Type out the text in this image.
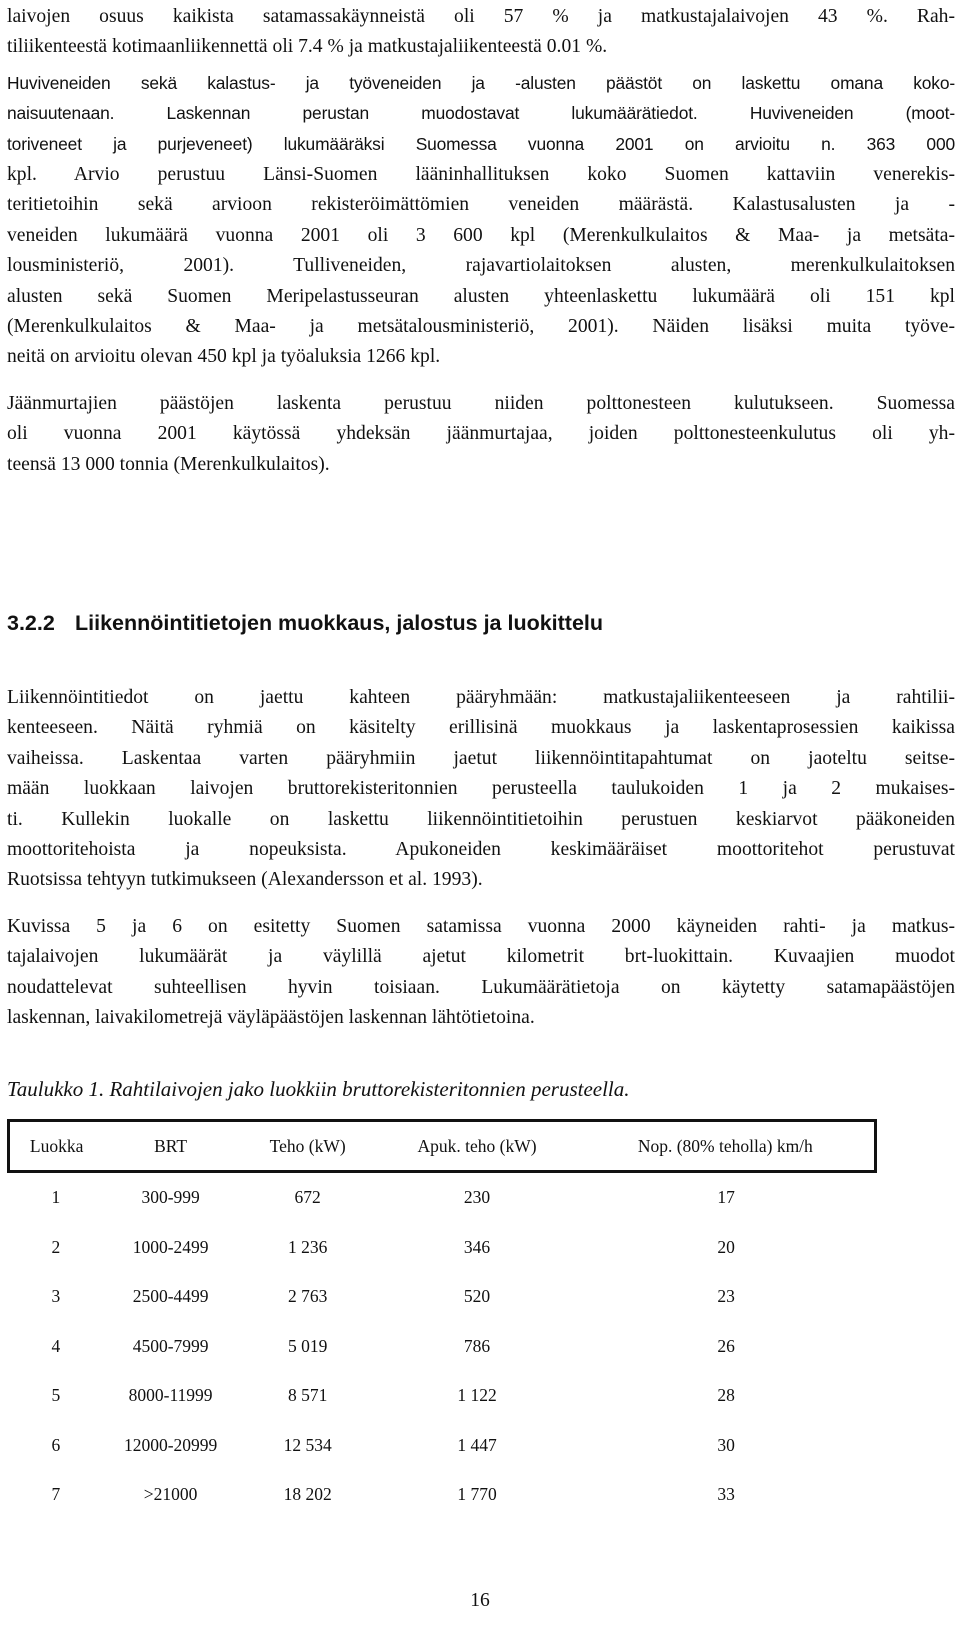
laivojen osuus kaikista satamassakäynneistä oli 57 % ja matkustajalaivojen 43 %. Rah-
tiliikenteestä kotimaanliikennettä oli 7.4 % ja matkustajaliikenteestä 0.01 %.
Huviveneiden sekä kalastus- ja työveneiden ja -alusten päästöt on laskettu omana koko-
naisuutenaan. Laskennan perustan muodostavat lukumäärätiedot. Huviveneiden (moot-
toriveneet ja purjeveneet) lukumääräksi Suomessa vuonna 2001 on arvioitu n. 363 000
kpl. Arvio perustuu Länsi-Suomen lääninhallituksen koko Suomen kattaviin venerekis-
teritietoihin sekä arvioon rekisteröimättömien veneiden määrästä. Kalastusalusten ja -
veneiden lukumäärä vuonna 2001 oli 3 600 kpl (Merenkulkulaitos & Maa- ja metsäta-
lousministeriö, 2001). Tulliveneiden, rajavartiolaitoksen alusten, merenkulkulaitoksen
alusten sekä Suomen Meripelastusseuran alusten yhteenlaskettu lukumäärä oli 151 kpl
(Merenkulkulaitos & Maa- ja metsätalousministeriö, 2001). Näiden lisäksi muita työve-
neitä on arvioitu olevan 450 kpl ja työaluksia 1266 kpl.
Jäänmurtajien päästöjen laskenta perustuu niiden polttonesteen kulutukseen. Suomessa
oli vuonna 2001 käytössä yhdeksän jäänmurtajaa, joiden polttonesteenkulutus oli yh-
teensä 13 000 tonnia (Merenkulkulaitos).
3.2.2 Liikennöintitietojen muokkaus, jalostus ja luokittelu
Liikennöintitiedot on jaettu kahteen pääryhmään: matkustajaliikenteeseen ja rahtilii-
kenteeseen. Näitä ryhmiä on käsitelty erillisinä muokkaus ja laskentaprosessien kaikissa
vaiheissa. Laskentaa varten pääryhmiin jaetut liikennöintitapahtumat on jaoteltu seitse-
mään luokkaan laivojen bruttorekisteritonnien perusteella taulukoiden 1 ja 2 mukaises-
ti. Kullekin luokalle on laskettu liikennöintitietoihin perustuen keskiarvot pääkoneiden
moottoritehoista ja nopeuksista. Apukoneiden keskimääräiset moottoritehot perustuvat
Ruotsissa tehtyyn tutkimukseen (Alexandersson et al. 1993).
Kuvissa 5 ja 6 on esitetty Suomen satamissa vuonna 2000 käyneiden rahti- ja matkus-
tajalaivojen lukumäärät ja väylillä ajetut kilometrit brt-luokittain. Kuvaajien muodot
noudattelevat suhteellisen hyvin toisiaan. Lukumäärätietoja on käytetty satamapäästöjen
laskennan, laivakilometrejä väyläpäästöjen laskennan lähtötietoina.

Taulukko 1. Rahtilaivojen jako luokkiin bruttorekisteritonnien perusteella.

Luokka	BRT	Teho (kW)	Apuk. teho (kW)	Nop. (80% teholla) km/h
1	300-999	672	230	17
2	1000-2499	1 236	346	20
3	2500-4499	2 763	520	23
4	4500-7999	5 019	786	26
5	8000-11999	8 571	1 122	28
6	12000-20999	12 534	1 447	30
7	>21000	18 202	1 770	33
16
